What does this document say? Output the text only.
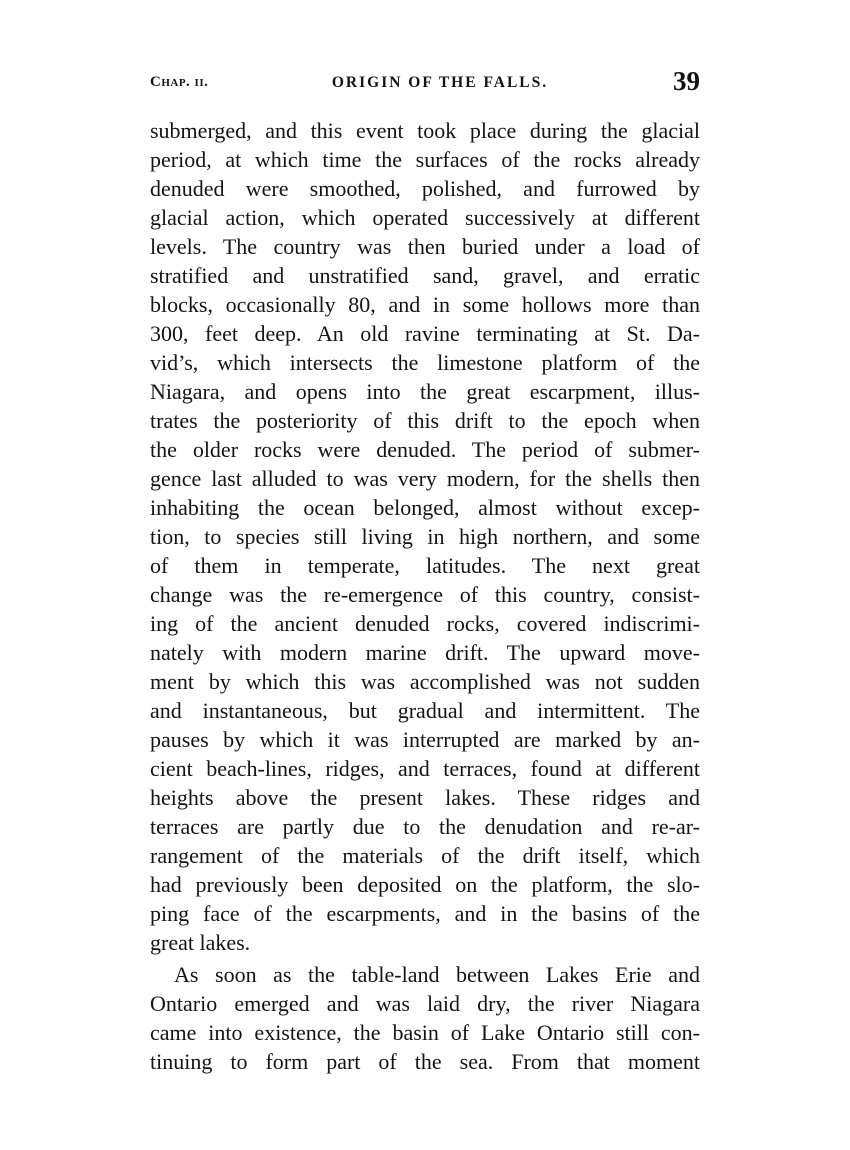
Chap. ii.	ORIGIN OF THE FALLS.	39
submerged, and this event took place during the glacial
period, at which time the surfaces of the rocks already
denuded were smoothed, polished, and furrowed by
glacial action, which operated successively at different
levels. The country was then buried under a load of
stratified and unstratified sand, gravel, and erratic
blocks, occasionally 80, and in some hollows more than
300, feet deep. An old ravine terminating at St. Da-
vid’s, which intersects the limestone platform of the
Niagara, and opens into the great escarpment, illus-
trates the posteriority of this drift to the epoch when
the older rocks were denuded. The period of submer-
gence last alluded to was very modern, for the shells then
inhabiting the ocean belonged, almost without excep-
tion, to species still living in high northern, and some
of them in temperate, latitudes. The next great
change was the re-emergence of this country, consist-
ing of the ancient denuded rocks, covered indiscrimi-
nately with modern marine drift. The upward move-
ment by which this was accomplished was not sudden
and instantaneous, but gradual and intermittent. The
pauses by which it was interrupted are marked by an-
cient beach-lines, ridges, and terraces, found at different
heights above the present lakes. These ridges and
terraces are partly due to the denudation and re-ar-
rangement of the materials of the drift itself, which
had previously been deposited on the platform, the slo-
ping face of the escarpments, and in the basins of the
great lakes.
As soon as the table-land between Lakes Erie and
Ontario emerged and was laid dry, the river Niagara
came into existence, the basin of Lake Ontario still con-
tinuing to form part of the sea. From that moment
